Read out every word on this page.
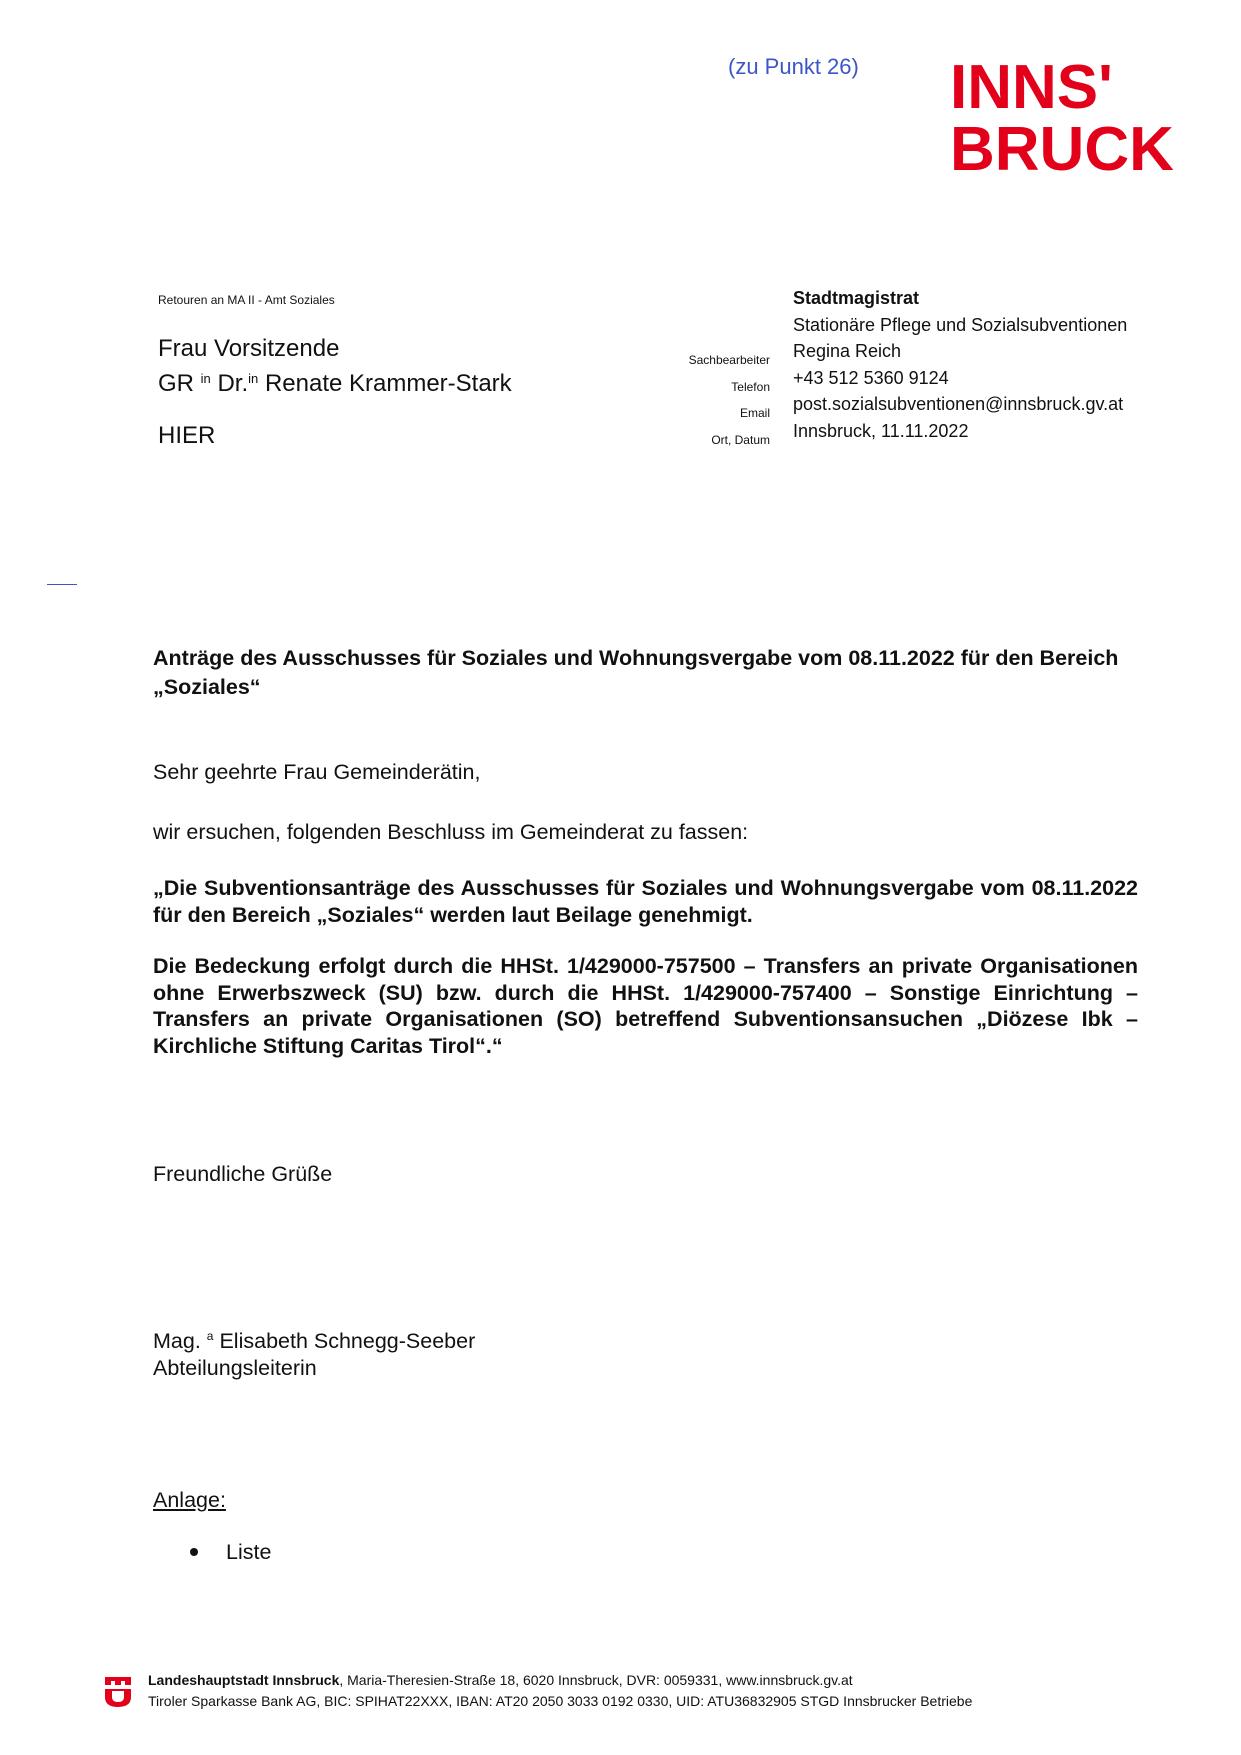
(zu Punkt 26) INNS'
BRUCK
Retouren an MA II - Amt Soziales
Frau Vorsitzende
GR $^{in}$ Dr.$^{in}$ Renate Krammer-Stark
HIER
Sachbearbeiter
Telefon
Email
Ort, Datum
Stadtmagistrat
Stationäre Pflege und Sozialsubventionen
Regina Reich
+43 512 5360 9124
post.sozialsubventionen@innsbruck.gv.at
Innsbruck, 11.11.2022
Anträge des Ausschusses für Soziales und Wohnungsvergabe vom 08.11.2022 für den Bereich „Soziales“
Sehr geehrte Frau Gemeinderätin,
wir ersuchen, folgenden Beschluss im Gemeinderat zu fassen:
„Die Subventionsanträge des Ausschusses für Soziales und Wohnungsvergabe vom 08.11.2022 für den Bereich „Soziales“ werden laut Beilage genehmigt.
Die Bedeckung erfolgt durch die HHSt. 1/429000-757500 – Transfers an private Organisationen ohne Erwerbszweck (SU) bzw. durch die HHSt. 1/429000-757400 – Sonstige Einrichtung – Transfers an private Organisationen (SO) betreffend Subventionsansuchen „Diözese Ibk – Kirchliche Stiftung Caritas Tirol“.“
Freundliche Grüße
Mag. $^a$ Elisabeth Schnegg-Seeber
Abteilungsleiterin
Anlage:
Liste
Landeshauptstadt Innsbruck, Maria-Theresien-Straße 18, 6020 Innsbruck, DVR: 0059331, www.innsbruck.gv.at
Tiroler Sparkasse Bank AG, BIC: SPIHAT22XXX, IBAN: AT20 2050 3033 0192 0330, UID: ATU36832905 STGD Innsbrucker Betriebe
